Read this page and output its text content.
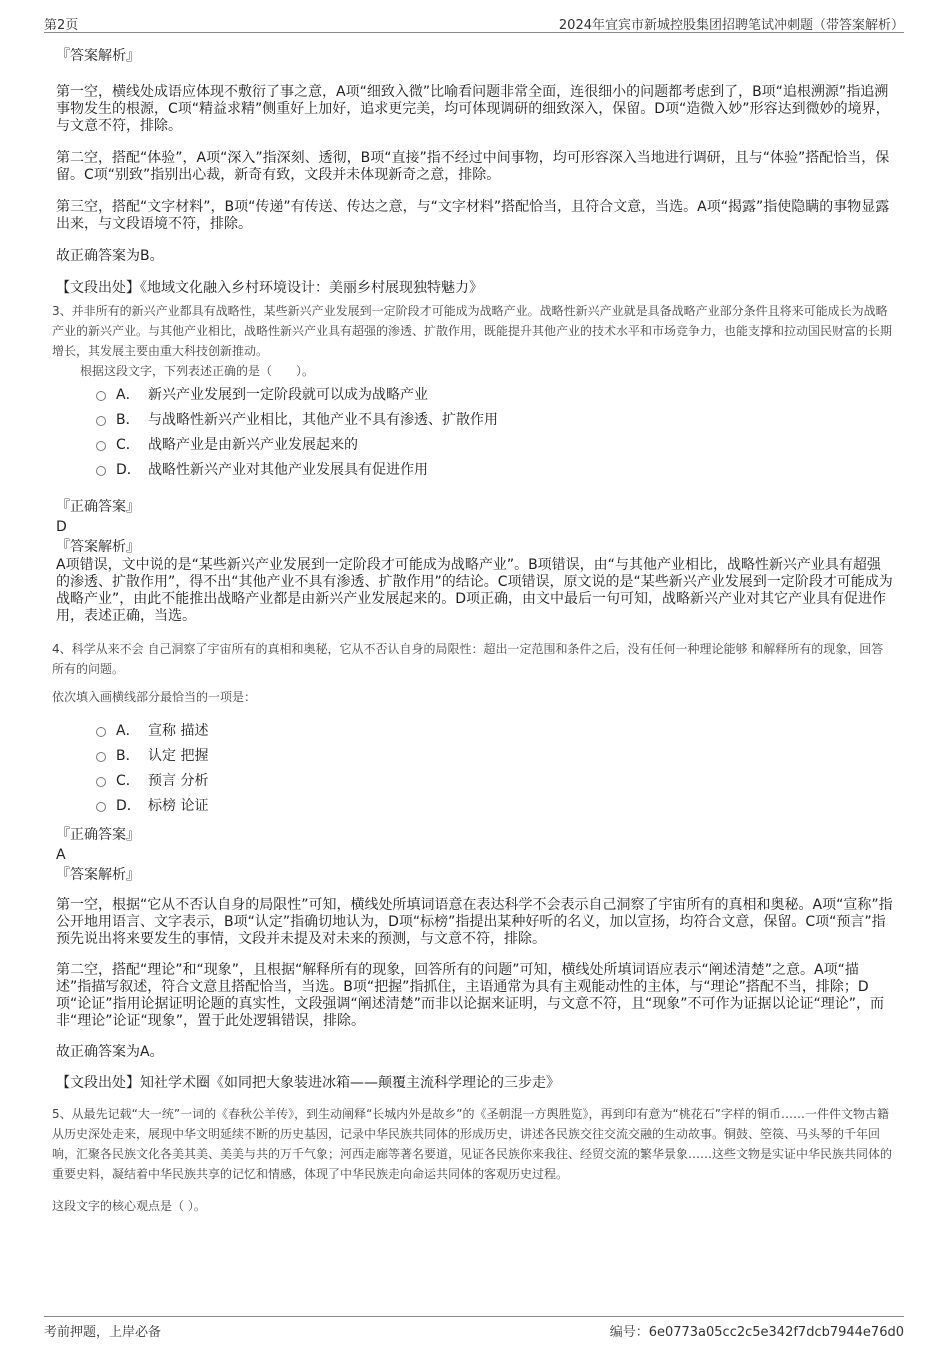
第2页	2024年宜宾市新城控股集团招聘笔试冲刺题（带答案解析）

『答案解析』

第一空，横线处成语应体现不敷衍了事之意，A项“细致入微”比喻看问题非常全面，连很细小的问题都考虑到了，B项“追根溯源”指追溯事物发生的根源，C项“精益求精”侧重好上加好，追求更完美，均可体现调研的细致深入，保留。D项“造微入妙”形容达到微妙的境界，与文意不符，排除。

第二空，搭配“体验”，A项“深入”指深刻、透彻，B项“直接”指不经过中间事物，均可形容深入当地进行调研，且与“体验”搭配恰当，保留。C项“别致”指别出心裁，新奇有致，文段并未体现新奇之意，排除。

第三空，搭配“文字材料”，B项“传递”有传送、传达之意，与“文字材料”搭配恰当，且符合文意，当选。A项“揭露”指使隐瞒的事物显露出来，与文段语境不符，排除。

故正确答案为B。

【文段出处】《地域文化融入乡村环境设计：美丽乡村展现独特魅力》

3、并非所有的新兴产业都具有战略性，某些新兴产业发展到一定阶段才可能成为战略产业。战略性新兴产业就是具备战略产业部分条件且将来可能成长为战略产业的新兴产业。与其他产业相比，战略性新兴产业具有超强的渗透、扩散作用，既能提升其他产业的技术水平和市场竞争力，也能支撑和拉动国民财富的长期增长，其发展主要由重大科技创新推动。

根据这段文字，下列表述正确的是（　　）。

A． 新兴产业发展到一定阶段就可以成为战略产业
B． 与战略性新兴产业相比，其他产业不具有渗透、扩散作用
C． 战略产业是由新兴产业发展起来的
D． 战略性新兴产业对其他产业发展具有促进作用

『正确答案』

D

『答案解析』

A项错误，文中说的是“某些新兴产业发展到一定阶段才可能成为战略产业”。B项错误，由“与其他产业相比，战略性新兴产业具有超强的渗透、扩散作用”，得不出“其他产业不具有渗透、扩散作用”的结论。C项错误，原文说的是“某些新兴产业发展到一定阶段才可能成为战略产业”，由此不能推出战略产业都是由新兴产业发展起来的。D项正确，由文中最后一句可知，战略新兴产业对其它产业具有促进作用，表述正确，当选。

4、科学从来不会 自己洞察了宇宙所有的真相和奥秘，它从不否认自身的局限性：超出一定范围和条件之后，没有任何一种理论能够 和解释所有的现象，回答所有的问题。

依次填入画横线部分最恰当的一项是：

A． 宣称 描述
B． 认定 把握
C． 预言 分析
D． 标榜 论证

『正确答案』

A

『答案解析』

第一空，根据“它从不否认自身的局限性”可知，横线处所填词语意在表达科学不会表示自己洞察了宇宙所有的真相和奥秘。A项“宣称”指公开地用语言、文字表示，B项“认定”指确切地认为，D项“标榜”指提出某种好听的名义，加以宣扬，均符合文意，保留。C项“预言”指预先说出将来要发生的事情，文段并未提及对未来的预测，与文意不符，排除。

第二空，搭配“理论”和“现象”，且根据“解释所有的现象，回答所有的问题”可知，横线处所填词语应表示“阐述清楚”之意。A项“描述”指描写叙述，符合文意且搭配恰当，当选。B项“把握”指抓住，主语通常为具有主观能动性的主体，与“理论”搭配不当，排除；D项“论证”指用论据证明论题的真实性，文段强调“阐述清楚”而非以论据来证明，与文意不符，且“现象”不可作为证据以论证“理论”，而非“理论”论证“现象”，置于此处逻辑错误，排除。

故正确答案为A。

【文段出处】知社学术圈《如同把大象装进冰箱——颠覆主流科学理论的三步走》

5、从最先记载“大一统”一词的《春秋公羊传》，到生动阐释“长城内外是故乡”的《圣朝混一方舆胜览》，再到印有意为“桃花石”字样的铜币……一件件文物古籍从历史深处走来，展现中华文明延续不断的历史基因，记录中华民族共同体的形成历史，讲述各民族交往交流交融的生动故事。铜鼓、箜篌、马头琴的千年回响，汇聚各民族文化各美其美、美美与共的万千气象；河西走廊等著名要道，见证各民族你来我往、经贸交流的繁华景象……这些文物是实证中华民族共同体的重要史料，凝结着中华民族共享的记忆和情感，体现了中华民族走向命运共同体的客观历史过程。

这段文字的核心观点是（ ）。

考前押题，上岸必备	编号：6e0773a05cc2c5e342f7dcb7944e76d0
